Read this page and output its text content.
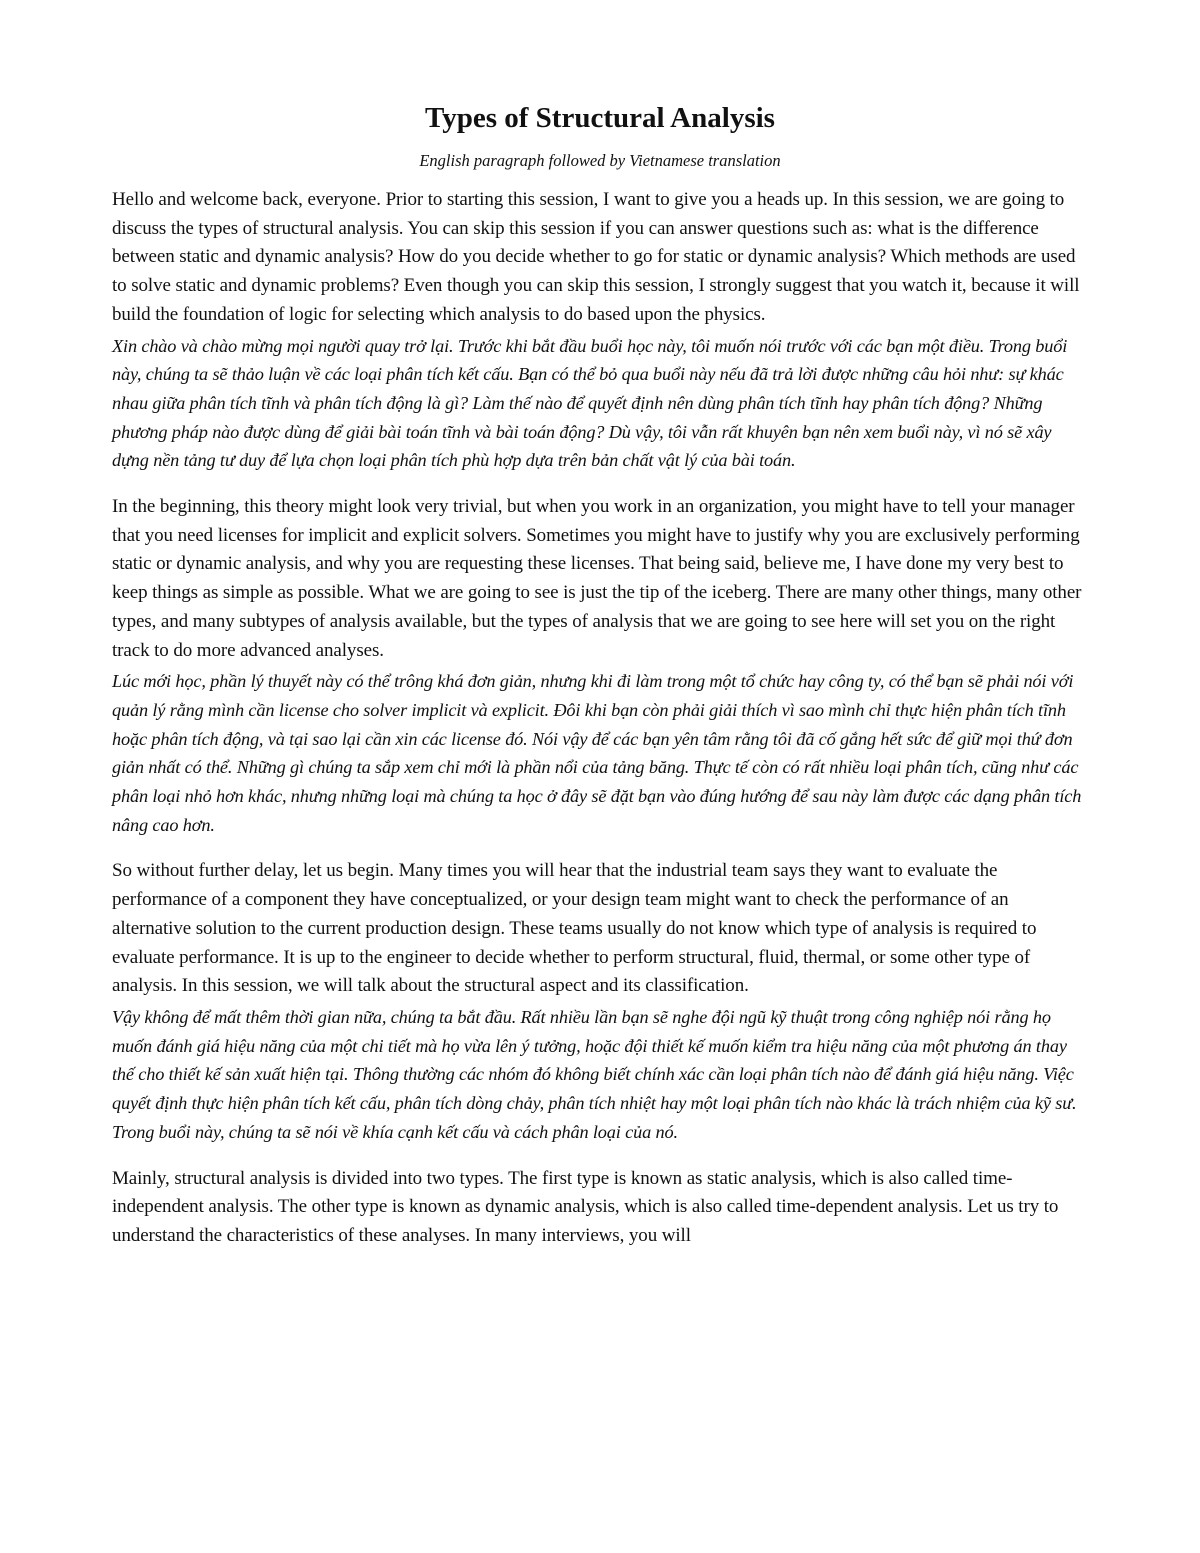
Types of Structural Analysis

English paragraph followed by Vietnamese translation

Hello and welcome back, everyone. Prior to starting this session, I want to give you a heads up. In this session, we are going to discuss the types of structural analysis. You can skip this session if you can answer questions such as: what is the difference between static and dynamic analysis? How do you decide whether to go for static or dynamic analysis? Which methods are used to solve static and dynamic problems? Even though you can skip this session, I strongly suggest that you watch it, because it will build the foundation of logic for selecting which analysis to do based upon the physics.

Xin chào và chào mừng mọi người quay trở lại. Trước khi bắt đầu buổi học này, tôi muốn nói trước với các bạn một điều. Trong buổi này, chúng ta sẽ thảo luận về các loại phân tích kết cấu. Bạn có thể bỏ qua buổi này nếu đã trả lời được những câu hỏi như: sự khác nhau giữa phân tích tĩnh và phân tích động là gì? Làm thế nào để quyết định nên dùng phân tích tĩnh hay phân tích động? Những phương pháp nào được dùng để giải bài toán tĩnh và bài toán động? Dù vậy, tôi vẫn rất khuyên bạn nên xem buổi này, vì nó sẽ xây dựng nền tảng tư duy để lựa chọn loại phân tích phù hợp dựa trên bản chất vật lý của bài toán.

In the beginning, this theory might look very trivial, but when you work in an organization, you might have to tell your manager that you need licenses for implicit and explicit solvers. Sometimes you might have to justify why you are exclusively performing static or dynamic analysis, and why you are requesting these licenses. That being said, believe me, I have done my very best to keep things as simple as possible. What we are going to see is just the tip of the iceberg. There are many other things, many other types, and many subtypes of analysis available, but the types of analysis that we are going to see here will set you on the right track to do more advanced analyses.

Lúc mới học, phần lý thuyết này có thể trông khá đơn giản, nhưng khi đi làm trong một tổ chức hay công ty, có thể bạn sẽ phải nói với quản lý rằng mình cần license cho solver implicit và explicit. Đôi khi bạn còn phải giải thích vì sao mình chỉ thực hiện phân tích tĩnh hoặc phân tích động, và tại sao lại cần xin các license đó. Nói vậy để các bạn yên tâm rằng tôi đã cố gắng hết sức để giữ mọi thứ đơn giản nhất có thể. Những gì chúng ta sắp xem chỉ mới là phần nổi của tảng băng. Thực tế còn có rất nhiều loại phân tích, cũng như các phân loại nhỏ hơn khác, nhưng những loại mà chúng ta học ở đây sẽ đặt bạn vào đúng hướng để sau này làm được các dạng phân tích nâng cao hơn.

So without further delay, let us begin. Many times you will hear that the industrial team says they want to evaluate the performance of a component they have conceptualized, or your design team might want to check the performance of an alternative solution to the current production design. These teams usually do not know which type of analysis is required to evaluate performance. It is up to the engineer to decide whether to perform structural, fluid, thermal, or some other type of analysis. In this session, we will talk about the structural aspect and its classification.

Vậy không để mất thêm thời gian nữa, chúng ta bắt đầu. Rất nhiều lần bạn sẽ nghe đội ngũ kỹ thuật trong công nghiệp nói rằng họ muốn đánh giá hiệu năng của một chi tiết mà họ vừa lên ý tưởng, hoặc đội thiết kế muốn kiểm tra hiệu năng của một phương án thay thế cho thiết kế sản xuất hiện tại. Thông thường các nhóm đó không biết chính xác cần loại phân tích nào để đánh giá hiệu năng. Việc quyết định thực hiện phân tích kết cấu, phân tích dòng chảy, phân tích nhiệt hay một loại phân tích nào khác là trách nhiệm của kỹ sư. Trong buổi này, chúng ta sẽ nói về khía cạnh kết cấu và cách phân loại của nó.

Mainly, structural analysis is divided into two types. The first type is known as static analysis, which is also called time-independent analysis. The other type is known as dynamic analysis, which is also called time-dependent analysis. Let us try to understand the characteristics of these analyses. In many interviews, you will
